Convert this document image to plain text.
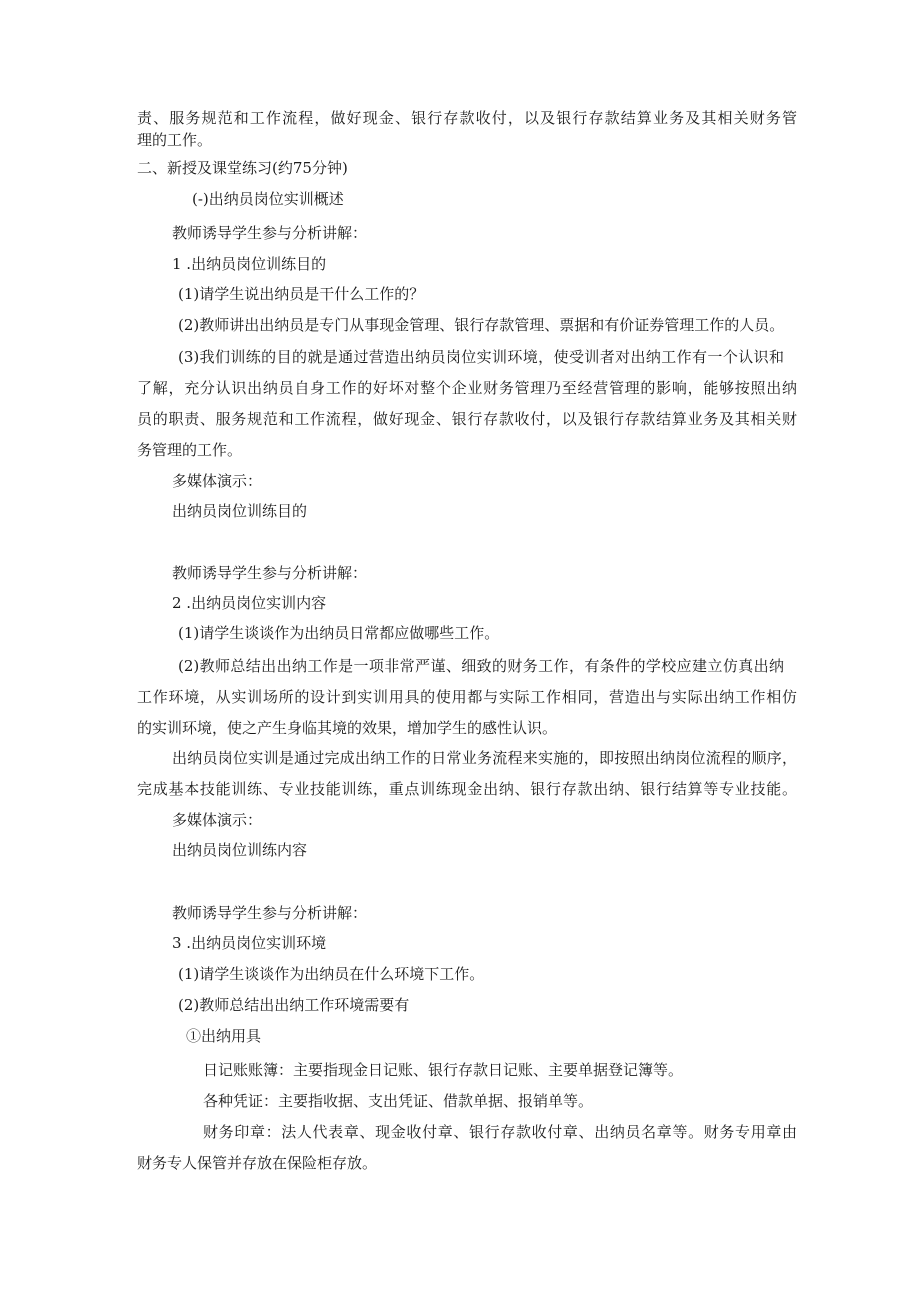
责、服务规范和工作流程，做好现金、银行存款收付，以及银行存款结算业务及其相关财务管
理的工作。
二、新授及课堂练习(约75分钟)
(-)出纳员岗位实训概述
教师诱导学生参与分析讲解：
1 .出纳员岗位训练目的
(1)请学生说出纳员是干什么工作的？
(2)教师讲出出纳员是专门从事现金管理、银行存款管理、票据和有价证券管理工作的人员。
(3)我们训练的目的就是通过营造出纳员岗位实训环境，使受训者对出纳工作有一个认识和
了解，充分认识出纳员自身工作的好坏对整个企业财务管理乃至经营管理的影响，能够按照出纳
员的职责、服务规范和工作流程，做好现金、银行存款收付，以及银行存款结算业务及其相关财
务管理的工作。
多媒体演示：
出纳员岗位训练目的
教师诱导学生参与分析讲解：
2 .出纳员岗位实训内容
(1)请学生谈谈作为出纳员日常都应做哪些工作。
(2)教师总结出出纳工作是一项非常严谨、细致的财务工作，有条件的学校应建立仿真出纳
工作环境，从实训场所的设计到实训用具的使用都与实际工作相同，营造出与实际出纳工作相仿
的实训环境，使之产生身临其境的效果，增加学生的感性认识。
出纳员岗位实训是通过完成出纳工作的日常业务流程来实施的，即按照出纳岗位流程的顺序，
完成基本技能训练、专业技能训练，重点训练现金出纳、银行存款出纳、银行结算等专业技能。
多媒体演示：
出纳员岗位训练内容
教师诱导学生参与分析讲解：
3 .出纳员岗位实训环境
(1)请学生谈谈作为出纳员在什么环境下工作。
(2)教师总结出出纳工作环境需要有
①出纳用具
日记账账簿：主要指现金日记账、银行存款日记账、主要单据登记簿等。
各种凭证：主要指收据、支出凭证、借款单据、报销单等。
财务印章：法人代表章、现金收付章、银行存款收付章、出纳员名章等。财务专用章由
财务专人保管并存放在保险柜存放。
